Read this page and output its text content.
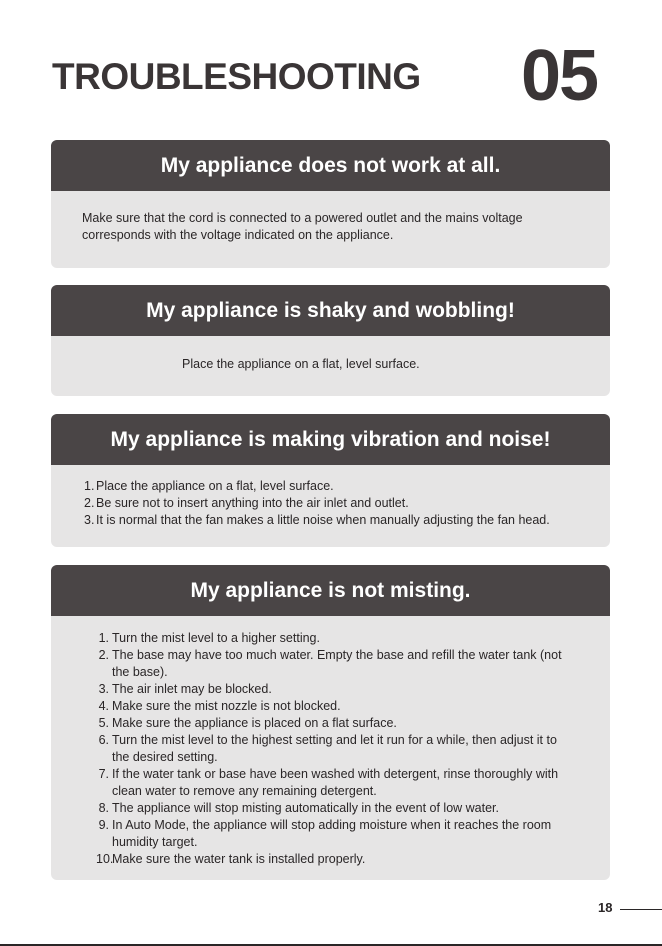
TROUBLESHOOTING 05
My appliance does not work at all.
Make sure that the cord is connected to a powered outlet and the mains voltage corresponds with the voltage indicated on the appliance.
My appliance is shaky and wobbling!
Place the appliance on a flat, level surface.
My appliance is making vibration and noise!
1. Place the appliance on a flat, level surface.
2. Be sure not to insert anything into the air inlet and outlet.
3. It is normal that the fan makes a little noise when manually adjusting the fan head.
My appliance is not misting.
1. Turn the mist level to a higher setting.
2. The base may have too much water. Empty the base and refill the water tank (not the base).
3. The air inlet may be blocked.
4. Make sure the mist nozzle is not blocked.
5. Make sure the appliance is placed on a flat surface.
6. Turn the mist level to the highest setting and let it run for a while, then adjust it to the desired setting.
7. If the water tank or base have been washed with detergent, rinse thoroughly with clean water to remove any remaining detergent.
8. The appliance will stop misting automatically in the event of low water.
9. In Auto Mode, the appliance will stop adding moisture when it reaches the room humidity target.
10.
Make sure the water tank is installed properly.
18
